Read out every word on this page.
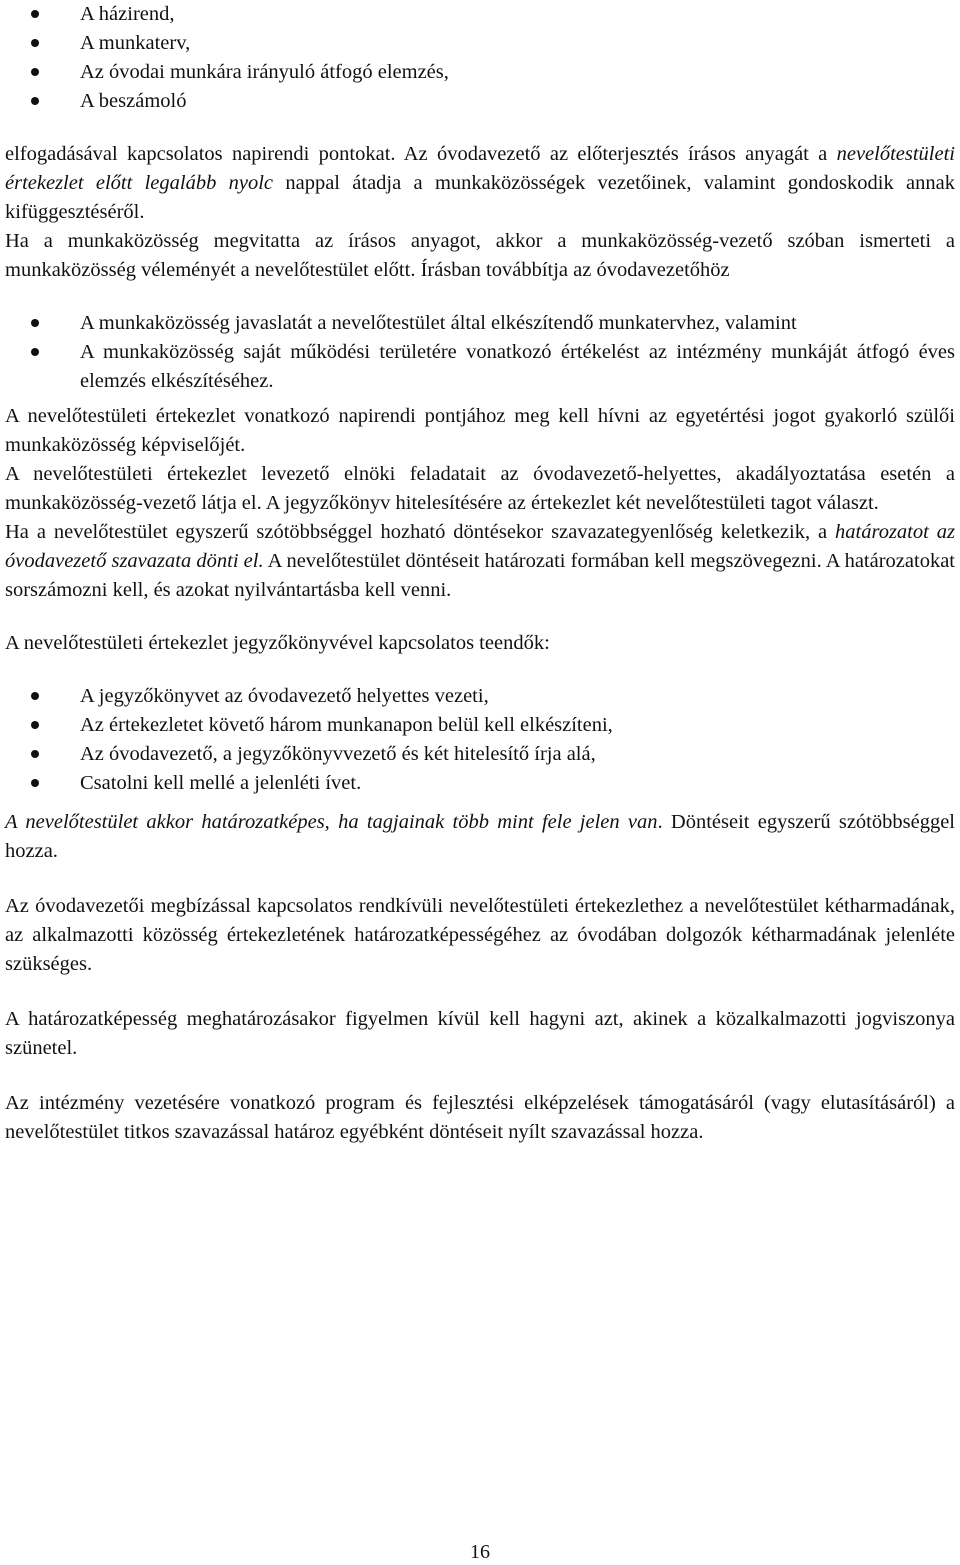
A házirend,
A munkaterv,
Az óvodai munkára irányuló átfogó elemzés,
A beszámoló

elfogadásával kapcsolatos napirendi pontokat. Az óvodavezető az előterjesztés írásos anyagát a nevelőtestületi értekezlet előtt legalább nyolc nappal átadja a munkaközösségek vezetőinek, valamint gondoskodik annak kifüggesztéséről.

Ha a munkaközösség megvitatta az írásos anyagot, akkor a munkaközösség-vezető szóban ismerteti a munkaközösség véleményét a nevelőtestület előtt. Írásban továbbítja az óvodavezetőhöz

A munkaközösség javaslatát a nevelőtestület által elkészítendő munkatervhez, valamint
A munkaközösség saját működési területére vonatkozó értékelést az intézmény munkáját átfogó éves elemzés elkészítéséhez.

A nevelőtestületi értekezlet vonatkozó napirendi pontjához meg kell hívni az egyetértési jogot gyakorló szülői munkaközösség képviselőjét.

A nevelőtestületi értekezlet levezető elnöki feladatait az óvodavezető-helyettes, akadályoztatása esetén a munkaközösség-vezető látja el. A jegyzőkönyv hitelesítésére az értekezlet két nevelőtestületi tagot választ.

Ha a nevelőtestület egyszerű szótöbbséggel hozható döntésekor szavazategyenlőség keletkezik, a határozatot az óvodavezető szavazata dönti el. A nevelőtestület döntéseit határozati formában kell megszövegezni. A határozatokat sorszámozni kell, és azokat nyilvántartásba kell venni.

A nevelőtestületi értekezlet jegyzőkönyvével kapcsolatos teendők:

A jegyzőkönyvet az óvodavezető helyettes vezeti,
Az értekezletet követő három munkanapon belül kell elkészíteni,
Az óvodavezető, a jegyzőkönyvvezető és két hitelesítő írja alá,
Csatolni kell mellé a jelenléti ívet.

A nevelőtestület akkor határozatképes, ha tagjainak több mint fele jelen van. Döntéseit egyszerű szótöbbséggel hozza.

Az óvodavezetői megbízással kapcsolatos rendkívüli nevelőtestületi értekezlethez a nevelőtestület kétharmadának, az alkalmazotti közösség értekezletének határozatképességéhez az óvodában dolgozók kétharmadának jelenléte szükséges.

A határozatképesség meghatározásakor figyelmen kívül kell hagyni azt, akinek a közalkalmazotti jogviszonya szünetel.

Az intézmény vezetésére vonatkozó program és fejlesztési elképzelések támogatásáról (vagy elutasításáról) a nevelőtestület titkos szavazással határoz egyébként döntéseit nyílt szavazással hozza.

16
